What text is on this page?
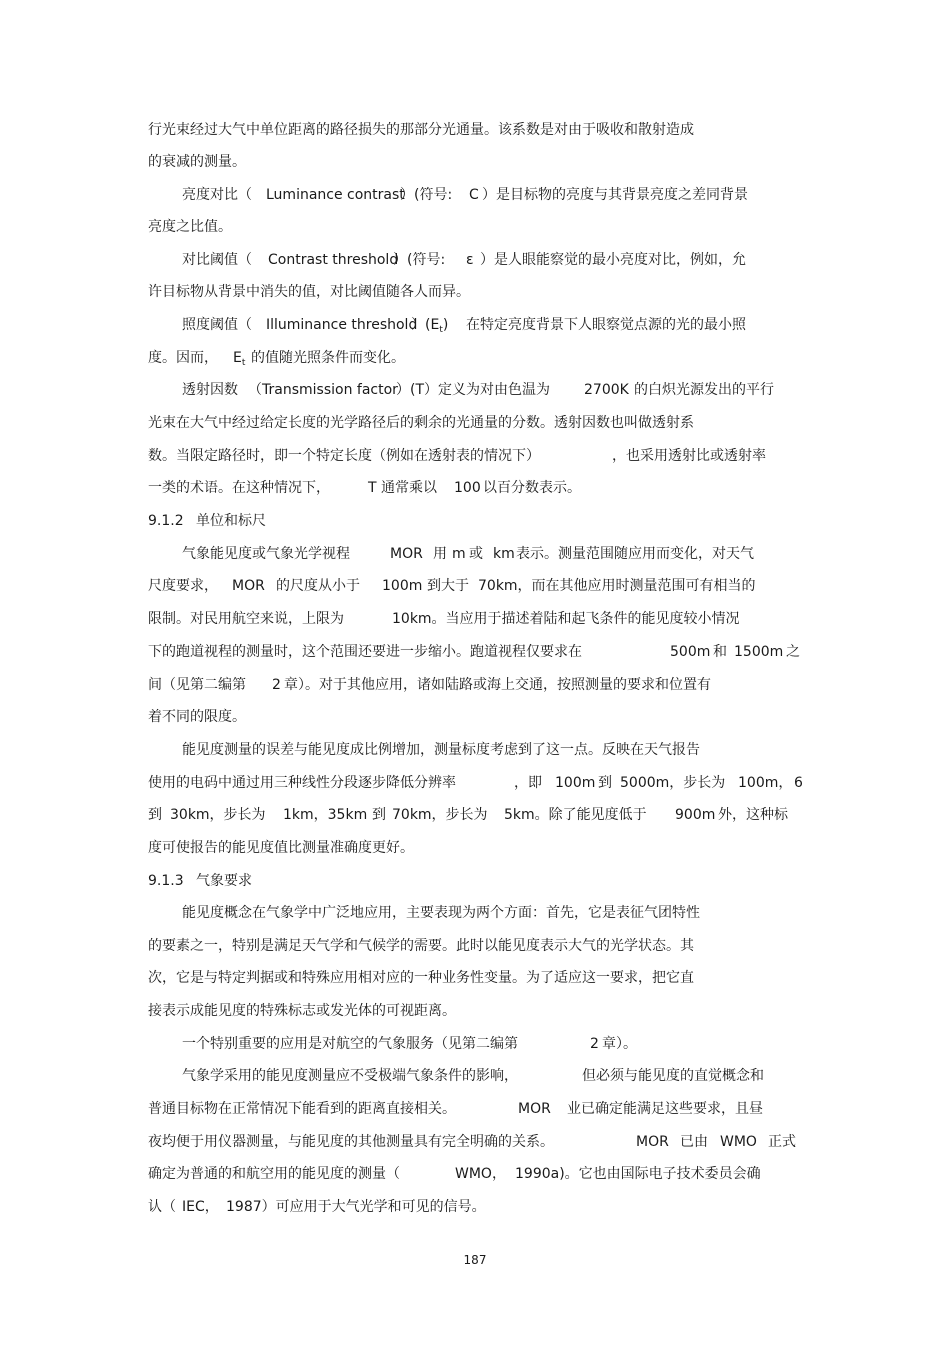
行光束经过大气中单位距离的路径损失的那部分光通量。该系数是对由于吸收和散射造成

的衰减的测量。

亮度对比（

Luminance contrast

）(符号:

C

）是目标物的亮度与其背景亮度之差同背景

亮度之比值。

对比阈值（

Contrast threshold

）(符号:

ε

）是人眼能察觉的最小亮度对比，例如，允

许目标物从背景中消失的值，对比阈值随各人而异。

照度阈值（

Illuminance threshold

）$(E_t)$

在特定亮度背景下人眼察觉点源的光的最小照

度。因而，

$E_t$

的值随光照条件而变化。

透射因数

（Transmission factor

）(T）定义为对由色温为

2700K

的白炽光源发出的平行

光束在大气中经过给定长度的光学路径后的剩余的光通量的分数。透射因数也叫做透射系

数。当限定路径时，即一个特定长度（例如在透射表的情况下）

	，也采用透射比或透射率

一类的术语。在这种情况下，

	T

通常乘以

100

以百分数表示。

9.1.2

单位和标尺

气象能见度或气象光学视程

	MOR

用

m

或

km

表示。测量范围随应用而变化，对天气

尺度要求，

MOR

的尺度从小于

100m

到大于

70km，而在其他应用时测量范围可有相当的

限制。对民用航空来说，上限为

	10km。当应用于描述着陆和起飞条件的能见度较小情况

下的跑道视程的测量时，这个范围还要进一步缩小。跑道视程仅要求在

	500m

和

1500m

之

间（见第二编第

2

章）。对于其他应用，诸如陆路或海上交通，按照测量的要求和位置有

着不同的限度。

能见度测量的误差与能见度成比例增加，测量标度考虑到了这一点。反映在天气报告

使用的电码中通过用三种线性分段逐步降低分辨率

	，即

100m

到

5000m，步长为

100m，

6

到

30km，步长为

1km，35km

到

70km，步长为

5km。除了能见度低于

900m

外，这种标

度可使报告的能见度值比测量准确度更好。

9.1.3

气象要求

能见度概念在气象学中广泛地应用，主要表现为两个方面：首先，它是表征气团特性

的要素之一，特别是满足天气学和气候学的需要。此时以能见度表示大气的光学状态。其

次，它是与特定判据或和特殊应用相对应的一种业务性变量。为了适应这一要求，把它直

接表示成能见度的特殊标志或发光体的可视距离。

一个特别重要的应用是对航空的气象服务（见第二编第

	2

章）。

气象学采用的能见度测量应不受极端气象条件的影响，

	但必须与能见度的直觉概念和

普通目标物在正常情况下能看到的距离直接相关。

	MOR

业已确定能满足这些要求，且昼

夜均便于用仪器测量，与能见度的其他测量具有完全明确的关系。

	MOR

已由

WMO

正式

确定为普通的和航空用的能见度的测量（

	WMO，

1990a)。它也由国际电子技术委员会确

认（

IEC，

1987）可应用于大气光学和可见的信号。

187
